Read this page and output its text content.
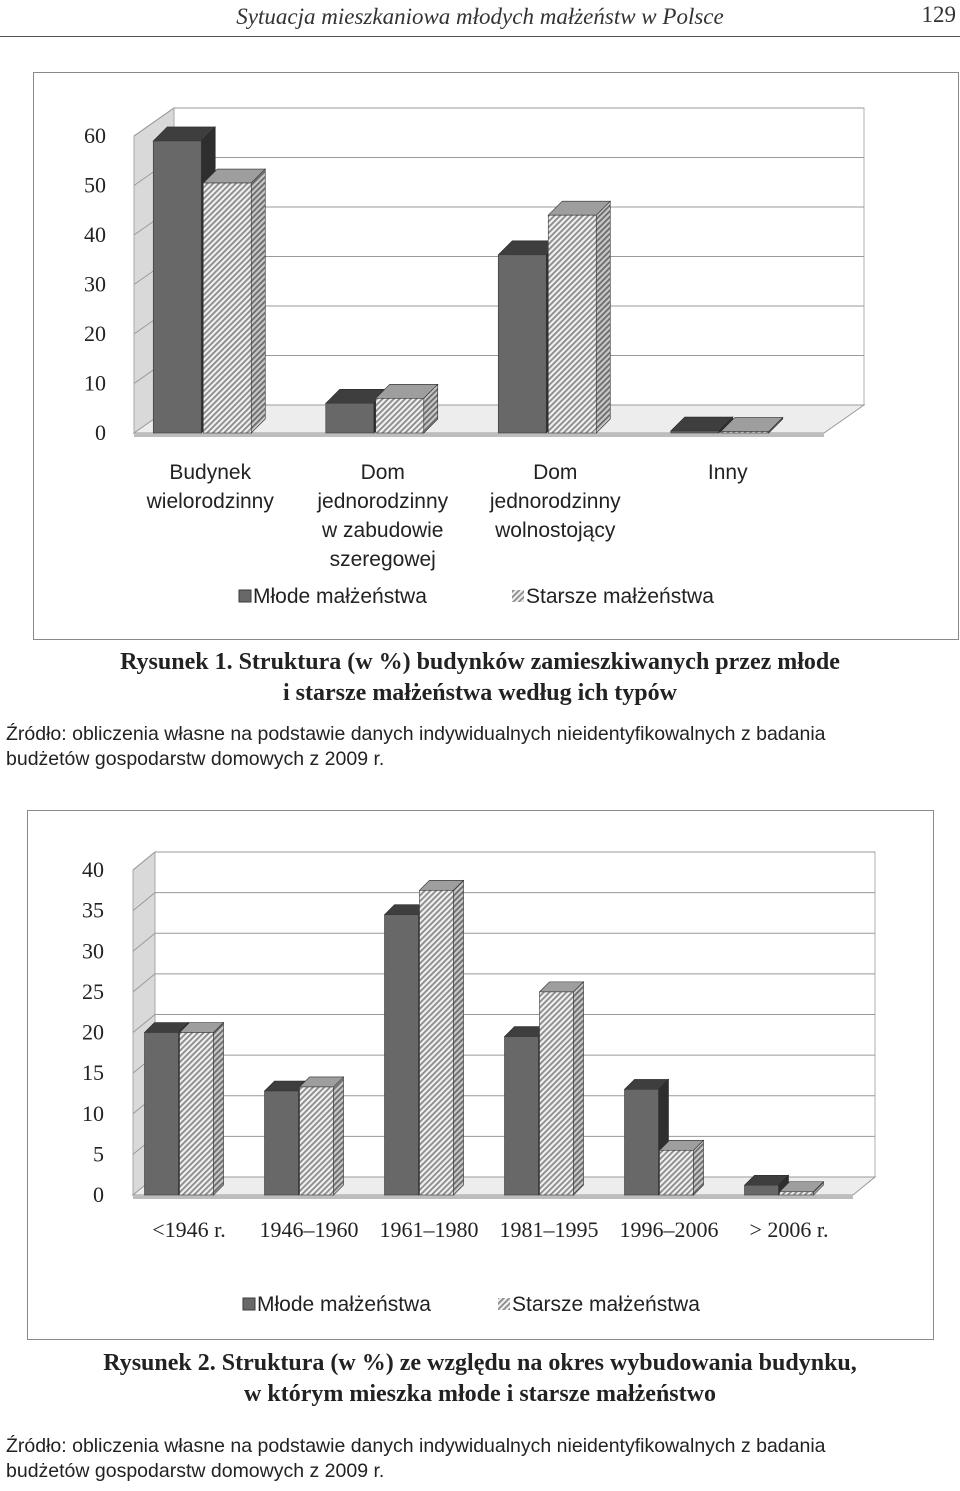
Sytuacja mieszkaniowa młodych małżeństw w Polsce	129
0
10
20
30
40
50
60
Budynek
wielorodzinny
Dom
jednorodzinny
w zabudowie
szeregowej
Dom
jednorodzinny
wolnostojący
Inny
Młode małżeństwa	Starsze małżeństwa
Rysunek 1. Struktura (w %) budynków zamieszkiwanych przez młode
i starsze małżeństwa według ich typów
Źródło: obliczenia własne na podstawie danych indywidualnych nieidentyfikowalnych z badania
budżetów gospodarstw domowych z 2009 r.
0
5
10
15
20
25
30
35
40
<1946 r. 1946–1960 1961–1980 1981–1995 1996–2006 > 2006 r.
Młode małżeństwa	Starsze małżeństwa
Rysunek 2. Struktura (w %) ze względu na okres wybudowania budynku,
w którym mieszka młode i starsze małżeństwo
Źródło: obliczenia własne na podstawie danych indywidualnych nieidentyfikowalnych z badania
budżetów gospodarstw domowych z 2009 r.
